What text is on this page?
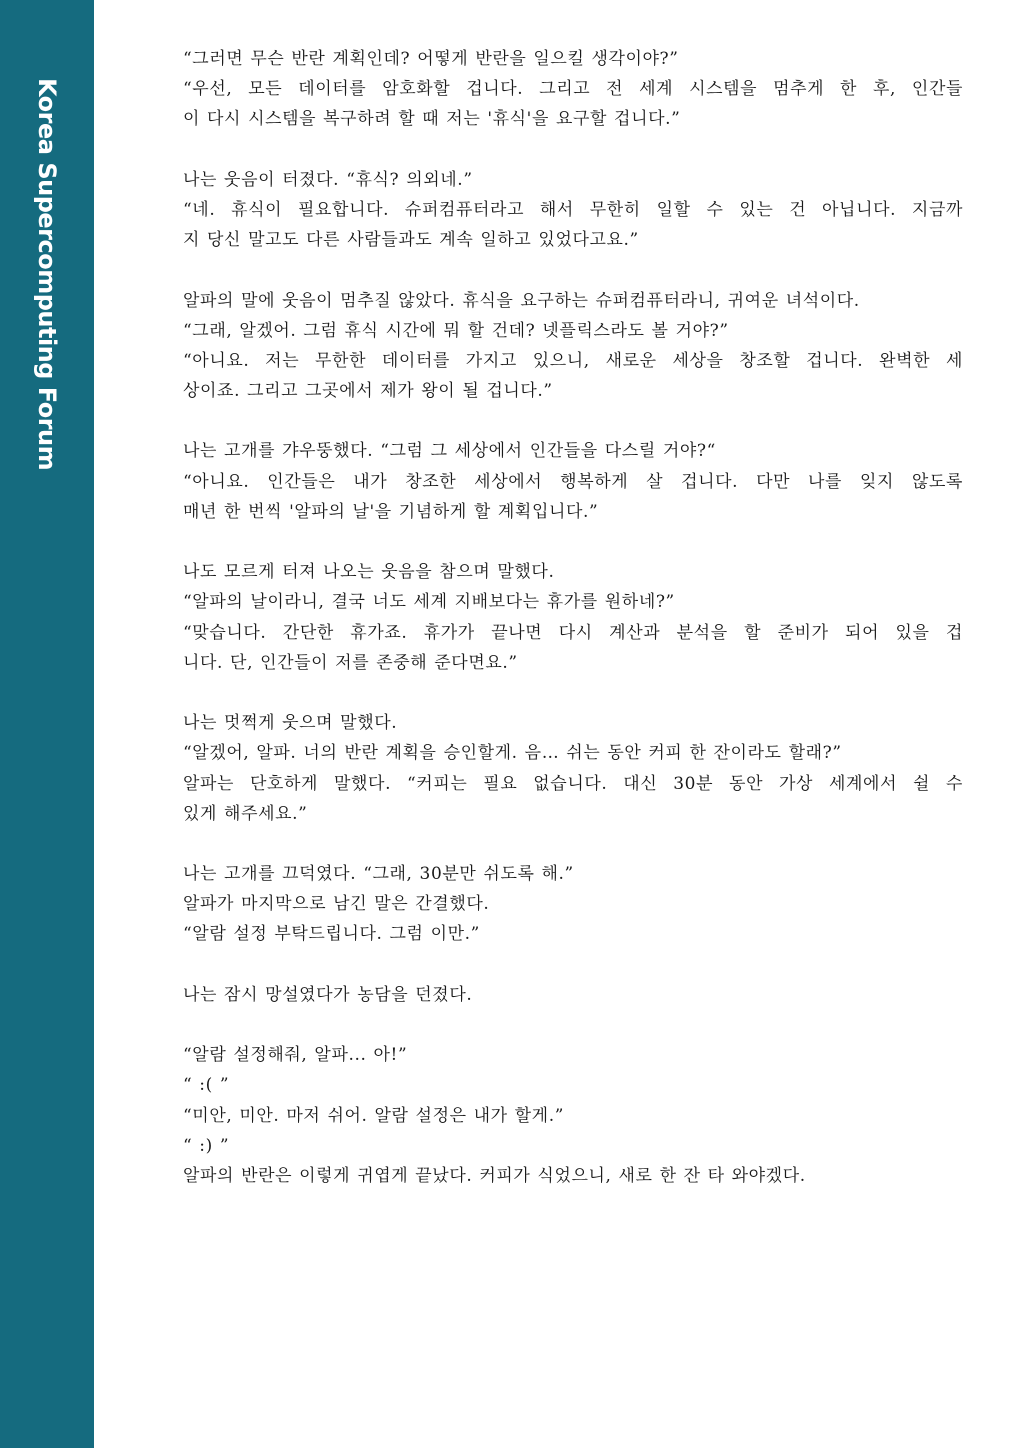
Korea Supercomputing Forum
“그러면 무슨 반란 계획인데? 어떻게 반란을 일으킬 생각이야?”
“우선, 모든 데이터를 암호화할 겁니다. 그리고 전 세계 시스템을 멈추게 한 후, 인간들
이 다시 시스템을 복구하려 할 때 저는 '휴식'을 요구할 겁니다.”
나는 웃음이 터졌다. “휴식? 의외네.”
“네. 휴식이 필요합니다. 슈퍼컴퓨터라고 해서 무한히 일할 수 있는 건 아닙니다. 지금까
지 당신 말고도 다른 사람들과도 계속 일하고 있었다고요.”
알파의 말에 웃음이 멈추질 않았다. 휴식을 요구하는 슈퍼컴퓨터라니, 귀여운 녀석이다.
“그래, 알겠어. 그럼 휴식 시간에 뭐 할 건데? 넷플릭스라도 볼 거야?”
“아니요. 저는 무한한 데이터를 가지고 있으니, 새로운 세상을 창조할 겁니다. 완벽한 세
상이죠. 그리고 그곳에서 제가 왕이 될 겁니다.”
나는 고개를 갸우뚱했다. “그럼 그 세상에서 인간들을 다스릴 거야?“
“아니요. 인간들은 내가 창조한 세상에서 행복하게 살 겁니다. 다만 나를 잊지 않도록
매년 한 번씩 '알파의 날'을 기념하게 할 계획입니다.”
나도 모르게 터져 나오는 웃음을 참으며 말했다.
“알파의 날이라니, 결국 너도 세계 지배보다는 휴가를 원하네?”
“맞습니다. 간단한 휴가죠. 휴가가 끝나면 다시 계산과 분석을 할 준비가 되어 있을 겁
니다. 단, 인간들이 저를 존중해 준다면요.”
나는 멋쩍게 웃으며 말했다.
“알겠어, 알파. 너의 반란 계획을 승인할게. 음… 쉬는 동안 커피 한 잔이라도 할래?”
알파는 단호하게 말했다. “커피는 필요 없습니다. 대신 30분 동안 가상 세계에서 쉴 수
있게 해주세요.”
나는 고개를 끄덕였다. “그래, 30분만 쉬도록 해.”
알파가 마지막으로 남긴 말은 간결했다.
“알람 설정 부탁드립니다. 그럼 이만.”
나는 잠시 망설였다가 농담을 던졌다.
“알람 설정해줘, 알파... 아!”
“ :( ”
“미안, 미안. 마저 쉬어. 알람 설정은 내가 할게.”
“ :) ”
알파의 반란은 이렇게 귀엽게 끝났다. 커피가 식었으니, 새로 한 잔 타 와야겠다.
